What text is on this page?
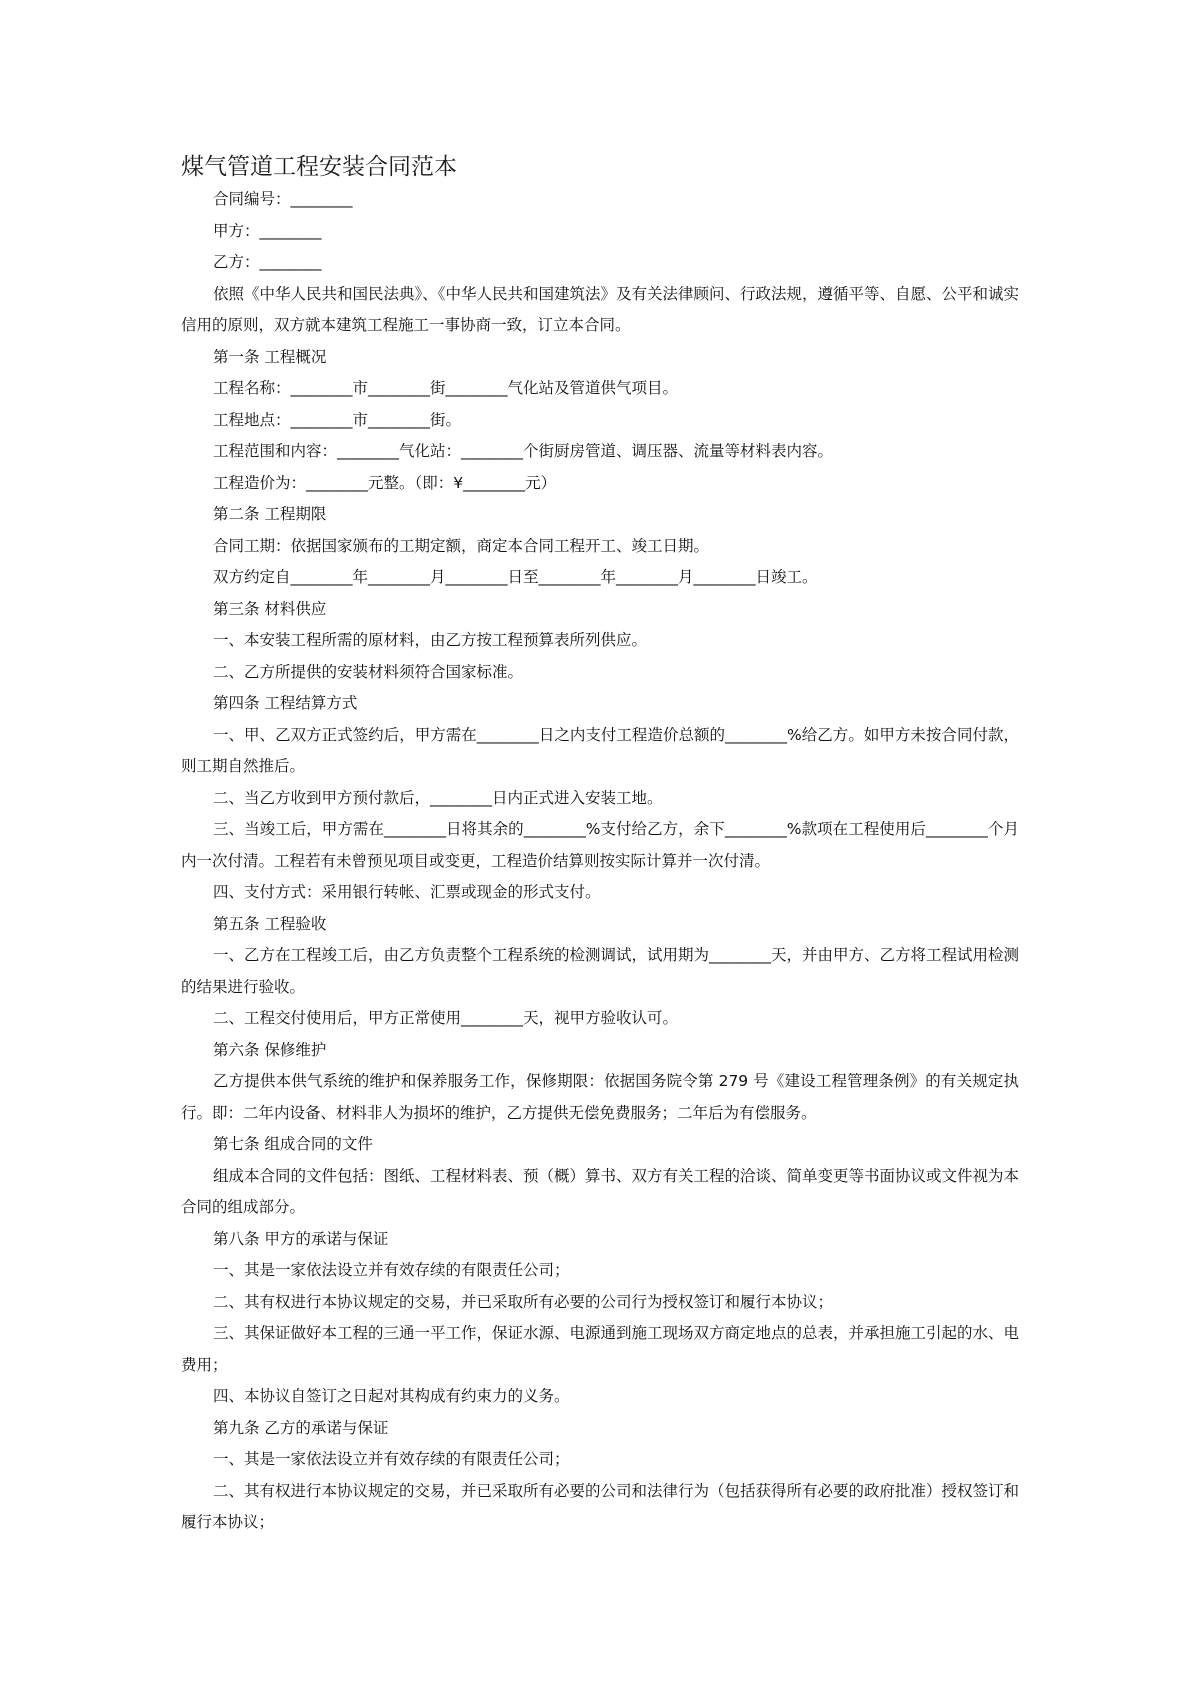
煤气管道工程安装合同范本

合同编号：________

甲方：________

乙方：________

依照《中华人民共和国民法典》、《中华人民共和国建筑法》及有关法律顾问、行政法规，遵循平等、自愿、公平和诚实信用的原则，双方就本建筑工程施工一事协商一致，订立本合同。

第一条 工程概况

工程名称：________市________街________气化站及管道供气项目。

工程地点：________市________街。

工程范围和内容：________气化站：________个街厨房管道、调压器、流量等材料表内容。

工程造价为：________元整。（即：¥________元）

第二条 工程期限

合同工期：依据国家颁布的工期定额，商定本合同工程开工、竣工日期。

双方约定自________年________月________日至________年________月________日竣工。

第三条 材料供应

一、本安装工程所需的原材料，由乙方按工程预算表所列供应。

二、乙方所提供的安装材料须符合国家标准。

第四条 工程结算方式

一、甲、乙双方正式签约后，甲方需在________日之内支付工程造价总额的________%给乙方。如甲方未按合同付款，则工期自然推后。

二、当乙方收到甲方预付款后，________日内正式进入安装工地。

三、当竣工后，甲方需在________日将其余的________%支付给乙方，余下________%款项在工程使用后________个月内一次付清。工程若有未曾预见项目或变更，工程造价结算则按实际计算并一次付清。

四、支付方式：采用银行转帐、汇票或现金的形式支付。

第五条 工程验收

一、乙方在工程竣工后，由乙方负责整个工程系统的检测调试，试用期为________天，并由甲方、乙方将工程试用检测的结果进行验收。

二、工程交付使用后，甲方正常使用________天，视甲方验收认可。

第六条 保修维护

乙方提供本供气系统的维护和保养服务工作，保修期限：依据国务院令第 279 号《建设工程管理条例》的有关规定执行。即：二年内设备、材料非人为损坏的维护，乙方提供无偿免费服务；二年后为有偿服务。

第七条 组成合同的文件

组成本合同的文件包括：图纸、工程材料表、预（概）算书、双方有关工程的洽谈、简单变更等书面协议或文件视为本合同的组成部分。

第八条 甲方的承诺与保证

一、其是一家依法设立并有效存续的有限责任公司；

二、其有权进行本协议规定的交易，并已采取所有必要的公司行为授权签订和履行本协议；

三、其保证做好本工程的三通一平工作，保证水源、电源通到施工现场双方商定地点的总表，并承担施工引起的水、电费用；

四、本协议自签订之日起对其构成有约束力的义务。

第九条 乙方的承诺与保证

一、其是一家依法设立并有效存续的有限责任公司；

二、其有权进行本协议规定的交易，并已采取所有必要的公司和法律行为（包括获得所有必要的政府批准）授权签订和履行本协议；
